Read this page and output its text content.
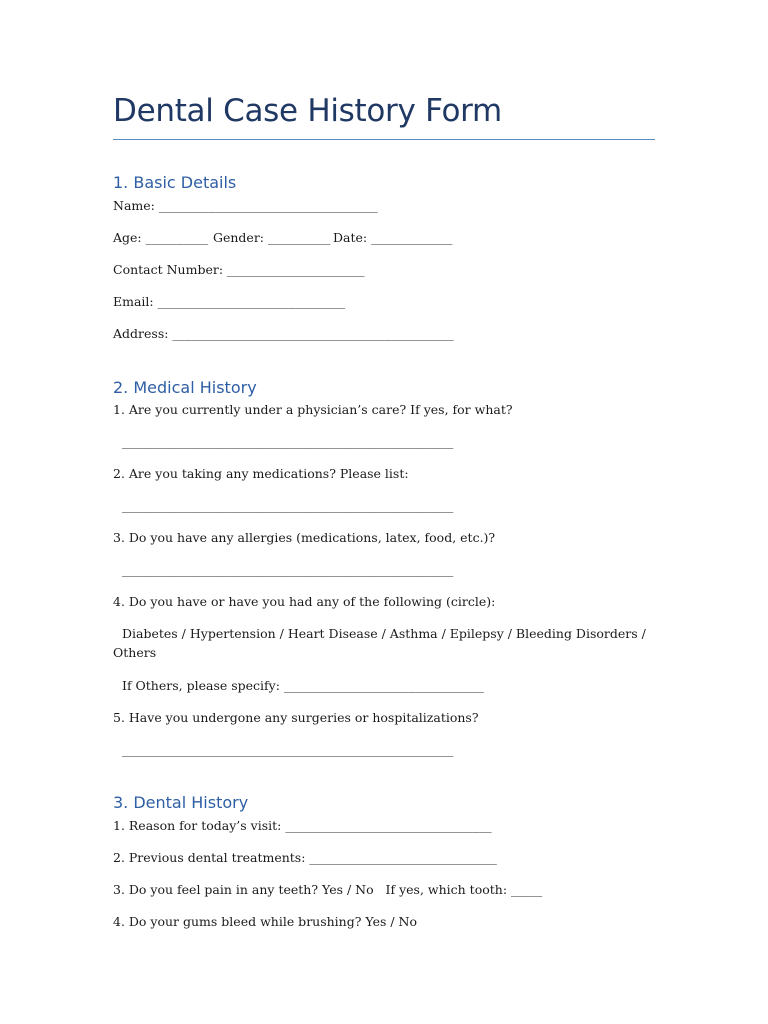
Dental Case History Form
1. Basic Details
Name: ___________________________________
Age: __________ Gender: __________ Date: _____________
Contact Number: ______________________
Email: ______________________________
Address: _____________________________________________
2. Medical History
1. Are you currently under a physician’s care? If yes, for what?
_____________________________________________________
2. Are you taking any medications? Please list:
_____________________________________________________
3. Do you have any allergies (medications, latex, food, etc.)?
_____________________________________________________
4. Do you have or have you had any of the following (circle):
Diabetes / Hypertension / Heart Disease / Asthma / Epilepsy / Bleeding Disorders /
Others
If Others, please specify: ________________________________
5. Have you undergone any surgeries or hospitalizations?
_____________________________________________________
3. Dental History
1. Reason for today’s visit: _________________________________
2. Previous dental treatments: ______________________________
3. Do you feel pain in any teeth? Yes / No   If yes, which tooth: _____
4. Do your gums bleed while brushing? Yes / No
